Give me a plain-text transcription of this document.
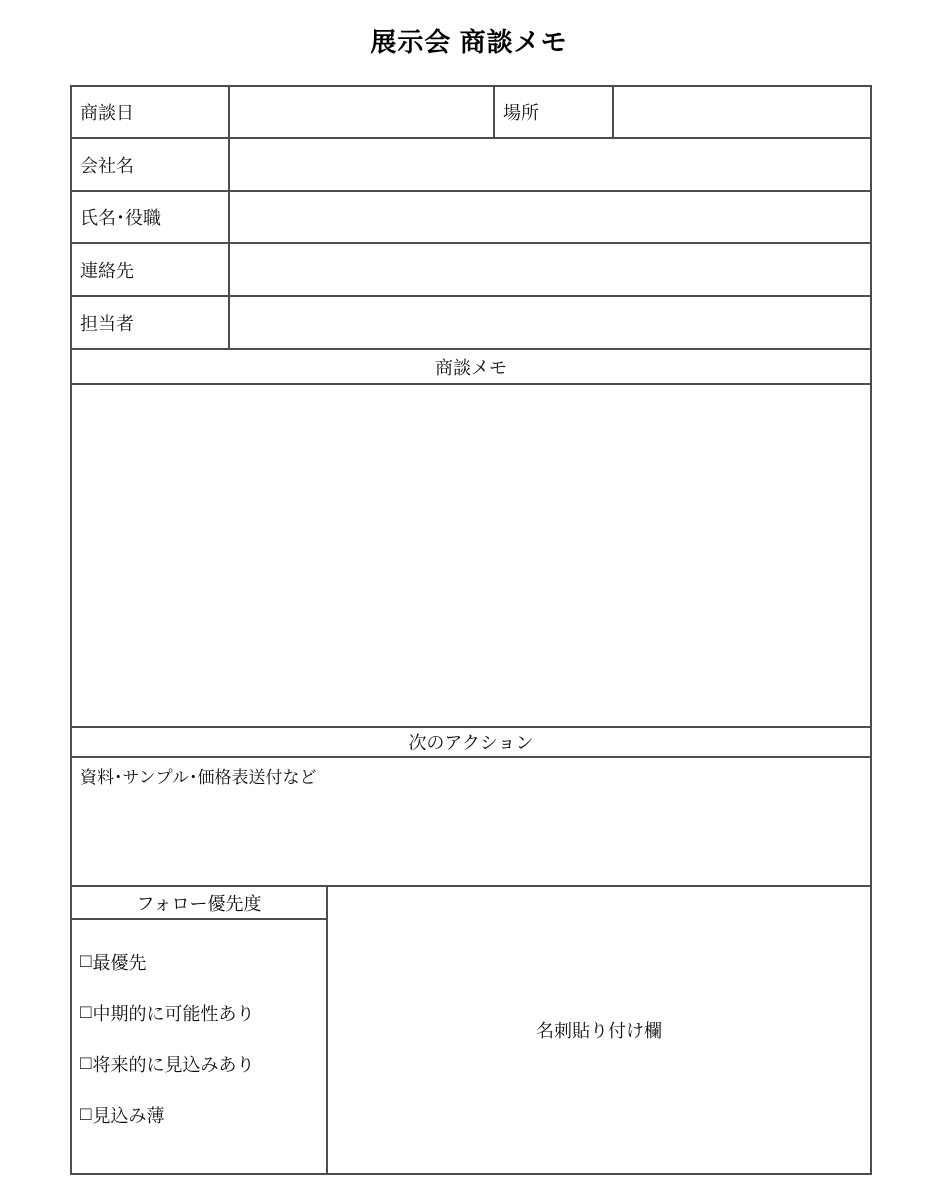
展示会 商談メモ
商談日	場所
会社名
氏名･役職
連絡先
担当者
商談メモ
次のアクション
資料･サンプル･価格表送付など
フォロー優先度
□ 最優先
□ 中期的に可能性あり
□ 将来的に見込みあり
□ 見込み薄
名刺貼り付け欄
